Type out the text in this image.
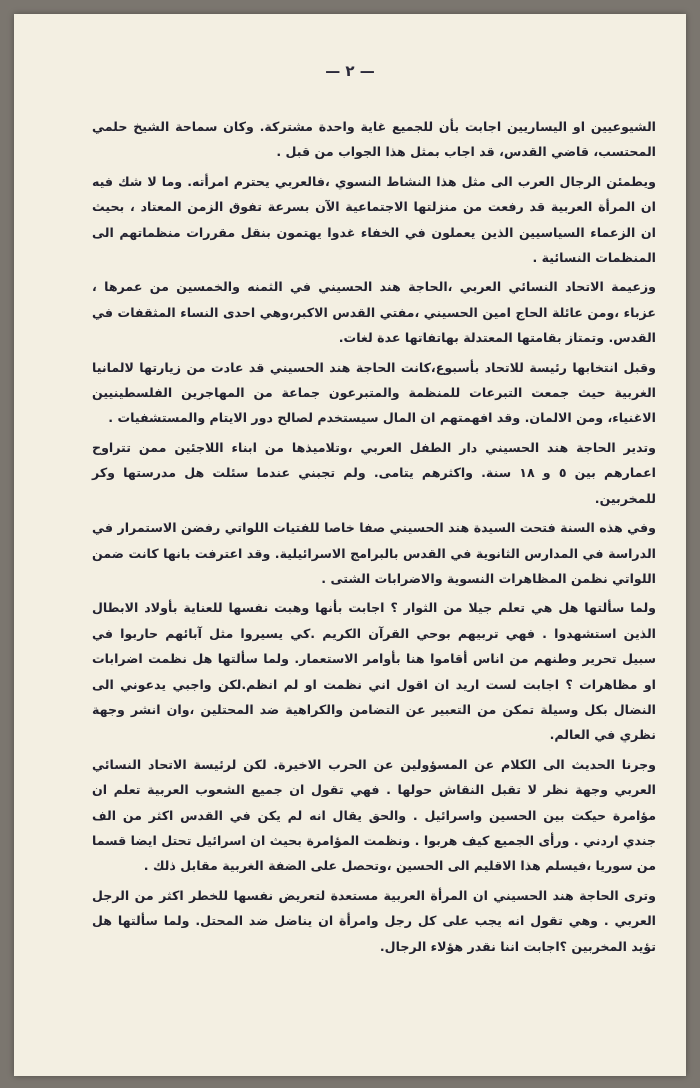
— ٢ —

الشيوعيين او اليساريين اجابت بأن للجميع غاية واحدة مشتركة. وكان سماحة الشيخ حلمي المحتسب، قاضي القدس، قد اجاب بمثل هذا الجواب من قبل .

ويطمئن الرجال العرب الى مثل هذا النشاط النسوي ،فالعربي يحترم امرأته. وما لا شك فيه ان المرأة العربية قد رفعت من منزلتها الاجتماعية الآن بسرعة تفوق الزمن المعتاد ، بحيث ان الزعماء السياسيين الذين يعملون في الخفاء غدوا يهتمون بنقل مقررات منظماتهم الى المنظمات النسائية .

وزعيمة الاتحاد النسائي العربي ،الحاجة هند الحسيني في الثمنه والخمسين من عمرها ، عزباء ،ومن عائلة الحاج امين الحسيني ،مفتي القدس الاكبر،وهي احدى النساء المثقفات في القدس. وتمتاز بقامتها المعتدلة بهاتفاتها عدة لغات.

وقبل انتخابها رئيسة للاتحاد بأسبوع،كانت الحاجة هند الحسيني قد عادت من زيارتها لالمانيا الغربية حيث جمعت التبرعات للمنظمة والمتبرعون جماعة من المهاجرين الفلسطينيين الاغنياء، ومن الالمان. وقد افهمتهم ان المال سيستخدم لصالح دور الايتام والمستشفيات .

وتدير الحاجة هند الحسيني دار الطفل العربي ،وتلاميذها من ابناء اللاجئين ممن تتراوح اعمارهم بين ٥ و ١٨ سنة. واكثرهم يتامى. ولم تجبني عندما سئلت هل مدرستها وكر للمخربين.

وفي هذه السنة فتحت السيدة هند الحسيني صفا خاصا للفتيات اللواتي رفضن الاستمرار في الدراسة في المدارس الثانوية في القدس بالبرامج الاسرائيلية. وقد اعترفت بانها كانت ضمن اللواتي نظمن المظاهرات النسوية والاضرابات الشتى .

ولما سألتها هل هي تعلم جيلا من الثوار ؟ اجابت بأنها وهبت نفسها للعناية بأولاد الابطال الذين استشهدوا . فهي تربيهم بوحي القرآن الكريم .كي يسيروا مثل آبائهم حاربوا في سبيل تحرير وطنهم من اناس أقاموا هنا بأوامر الاستعمار. ولما سألتها هل نظمت اضرابات او مظاهرات ؟ اجابت لست اريد ان اقول اني نظمت او لم انظم.لكن واجبي يدعوني الى النضال بكل وسيلة تمكن من التعبير عن التضامن والكراهية ضد المحتلين ،وان انشر وجهة نظري في العالم.

وجرنا الحديث الى الكلام عن المسؤولين عن الحرب الاخيرة. لكن لرئيسة الاتحاد النسائي العربي وجهة نظر لا تقبل النقاش حولها . فهي تقول ان جميع الشعوب العربية تعلم ان مؤامرة حيكت بين الحسين واسرائيل . والحق يقال انه لم يكن في القدس اكثر من الف جندي اردني . ورأى الجميع كيف هربوا . ونظمت المؤامرة بحيث ان اسرائيل تحتل ايضا قسما من سوريا ،فيسلم هذا الاقليم الى الحسين ،وتحصل على الضفة الغربية مقابل ذلك .

وترى الحاجة هند الحسيني ان المرأة العربية مستعدة لتعريض نفسها للخطر اكثر من الرجل العربي . وهي تقول انه يجب على كل رجل وامرأة ان يناضل ضد المحتل. ولما سألتها هل تؤيد المخربين ؟اجابت اننا نقدر هؤلاء الرجال.
